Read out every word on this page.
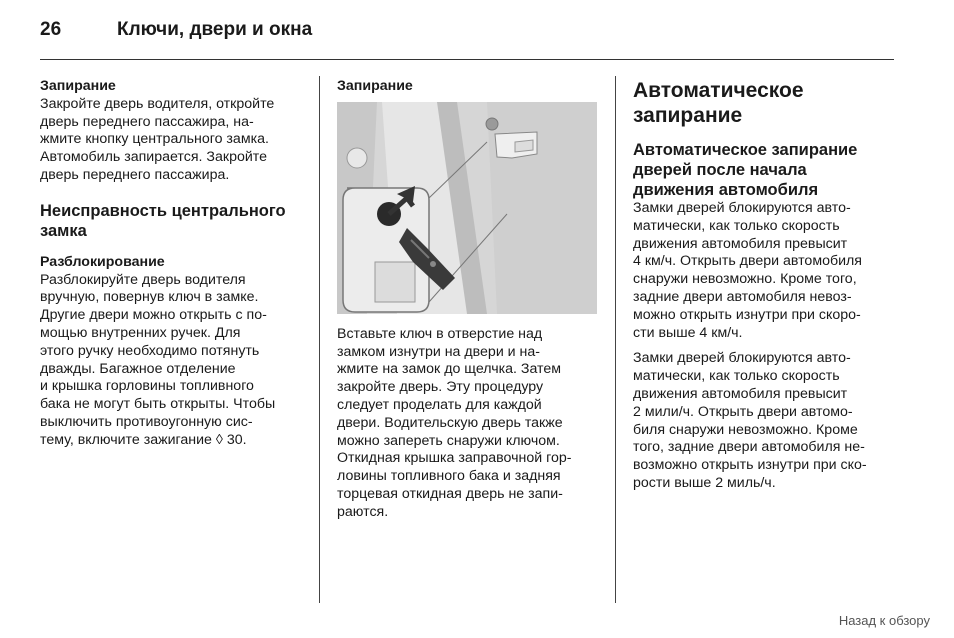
26	Ключи, двери и окна

Запирание

Закройте дверь водителя, откройте
дверь переднего пассажира, на-
жмите кнопку центрального замка.
Автомобиль запирается. Закройте
дверь переднего пассажира.

Неисправность центрального
замка

Разблокирование

Разблокируйте дверь водителя
вручную, повернув ключ в замке.
Другие двери можно открыть с по-
мощью внутренних ручек. Для
этого ручку необходимо потянуть
дважды. Багажное отделение
и крышка горловины топливного
бака не могут быть открыты. Чтобы
выключить противоугонную сис-
тему, включите зажигание ◊ 30.

Запирание

Вставьте ключ в отверстие над
замком изнутри на двери и на-
жмите на замок до щелчка. Затем
закройте дверь. Эту процедуру
следует проделать для каждой
двери. Водительскую дверь также
можно запереть снаружи ключом.
Откидная крышка заправочной гор-
ловины топливного бака и задняя
торцевая откидная дверь не запи-
раются.

Автоматическое
запирание

Автоматическое запирание
дверей после начала
движения автомобиля

Замки дверей блокируются авто-
матически, как только скорость
движения автомобиля превысит
4 км/ч. Открыть двери автомобиля
снаружи невозможно. Кроме того,
задние двери автомобиля невоз-
можно открыть изнутри при скоро-
сти выше 4 км/ч.

Замки дверей блокируются авто-
матически, как только скорость
движения автомобиля превысит
2 мили/ч. Открыть двери автомо-
биля снаружи невозможно. Кроме
того, задние двери автомобиля не-
возможно открыть изнутри при ско-
рости выше 2 миль/ч.

Назад к обзору
